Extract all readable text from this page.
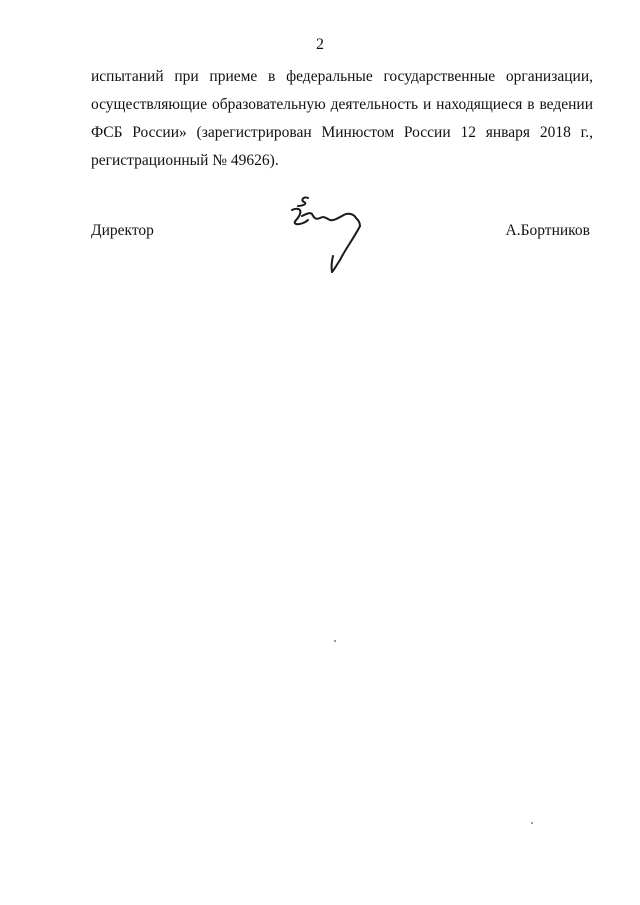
2
испытаний при приеме в федеральные государственные организации,
осуществляющие образовательную деятельность и находящиеся в ведении
ФСБ России» (зарегистрирован Минюстом России 12 января 2018 г.,
регистрационный № 49626).
Директор	А.Бортников
